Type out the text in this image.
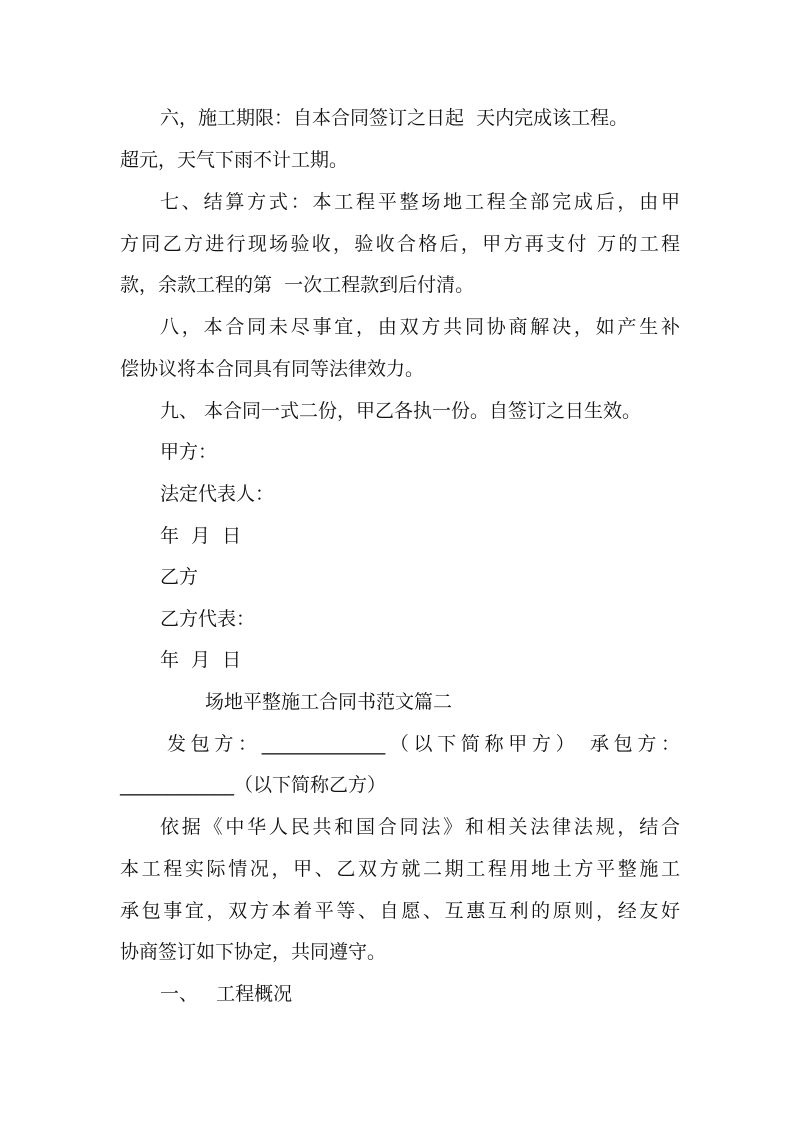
六，施工期限：自本合同签订之日起  天内完成该工程。
超元，天气下雨不计工期。
七、结算方式：本工程平整场地工程全部完成后，由甲
方同乙方进行现场验收，验收合格后，甲方再支付 万的工程
款，余款工程的第  一次工程款到后付清。
八，本合同未尽事宜，由双方共同协商解决，如产生补
偿协议将本合同具有同等法律效力。
九、 本合同一式二份，甲乙各执一份。自签订之日生效。
甲方：
法定代表人：
年  月  日
乙方
乙方代表：
年  月  日
场地平整施工合同书范文篇二
发包方：_____________（以下简称甲方） 承包方：
____________（以下简称乙方）
依据《中华人民共和国合同法》和相关法律法规，结合
本工程实际情况，甲、乙双方就二期工程用地土方平整施工
承包事宜，双方本着平等、自愿、互惠互利的原则，经友好
协商签订如下协定，共同遵守。
一、   工程概况
